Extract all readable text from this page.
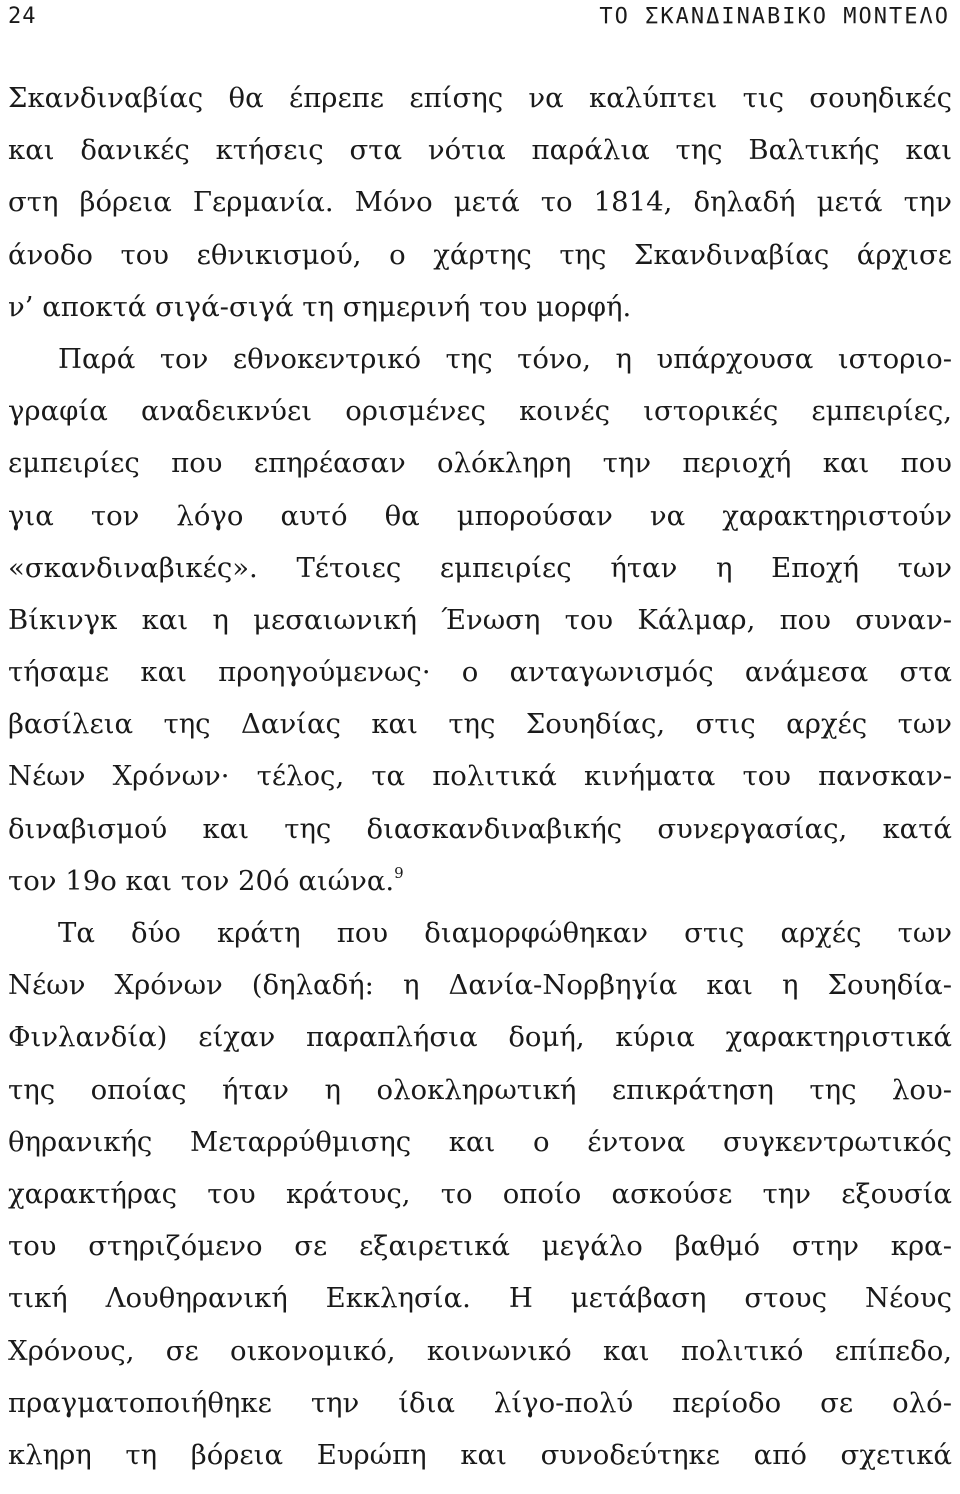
24	ΤΟ ΣΚΑΝΔΙΝΑΒΙΚΟ ΜΟΝΤΕΛΟ
Σκανδιναβίας θα έπρεπε επίσης να καλύπτει τις σουηδικές
και δανικές κτήσεις στα νότια παράλια της Βαλτικής και
στη βόρεια Γερμανία. Μόνο μετά το 1814, δηλαδή μετά την
άνοδο του εθνικισμού, ο χάρτης της Σκανδιναβίας άρχισε
ν’ αποκτά σιγά-σιγά τη σημερινή του μορφή.
Παρά τον εθνοκεντρικό της τόνο, η υπάρχουσα ιστοριο-
γραφία αναδεικνύει ορισμένες κοινές ιστορικές εμπειρίες,
εμπειρίες που επηρέασαν ολόκληρη την περιοχή και που
για τον λόγο αυτό θα μπορούσαν να χαρακτηριστούν
«σκανδιναβικές». Τέτοιες εμπειρίες ήταν η Εποχή των
Βίκινγκ και η μεσαιωνική Ένωση του Κάλμαρ, που συναν-
τήσαμε και προηγούμενως· ο ανταγωνισμός ανάμεσα στα
βασίλεια της Δανίας και της Σουηδίας, στις αρχές των
Νέων Χρόνων· τέλος, τα πολιτικά κινήματα του πανσκαν-
διναβισμού και της διασκανδιναβικής συνεργασίας, κατά
τον 19ο και τον 20ό αιώνα.$^9$
Τα δύο κράτη που διαμορφώθηκαν στις αρχές των
Νέων Χρόνων (δηλαδή: η Δανία-Νορβηγία και η Σουηδία-
Φινλανδία) είχαν παραπλήσια δομή, κύρια χαρακτηριστικά
της οποίας ήταν η ολοκληρωτική επικράτηση της λου-
θηρανικής Μεταρρύθμισης και ο έντονα συγκεντρωτικός
χαρακτήρας του κράτους, το οποίο ασκούσε την εξουσία
του στηριζόμενο σε εξαιρετικά μεγάλο βαθμό στην κρα-
τική Λουθηρανική Εκκλησία. Η μετάβαση στους Νέους
Χρόνους, σε οικονομικό, κοινωνικό και πολιτικό επίπεδο,
πραγματοποιήθηκε την ίδια λίγο-πολύ περίοδο σε ολό-
κληρη τη βόρεια Ευρώπη και συνοδεύτηκε από σχετικά
